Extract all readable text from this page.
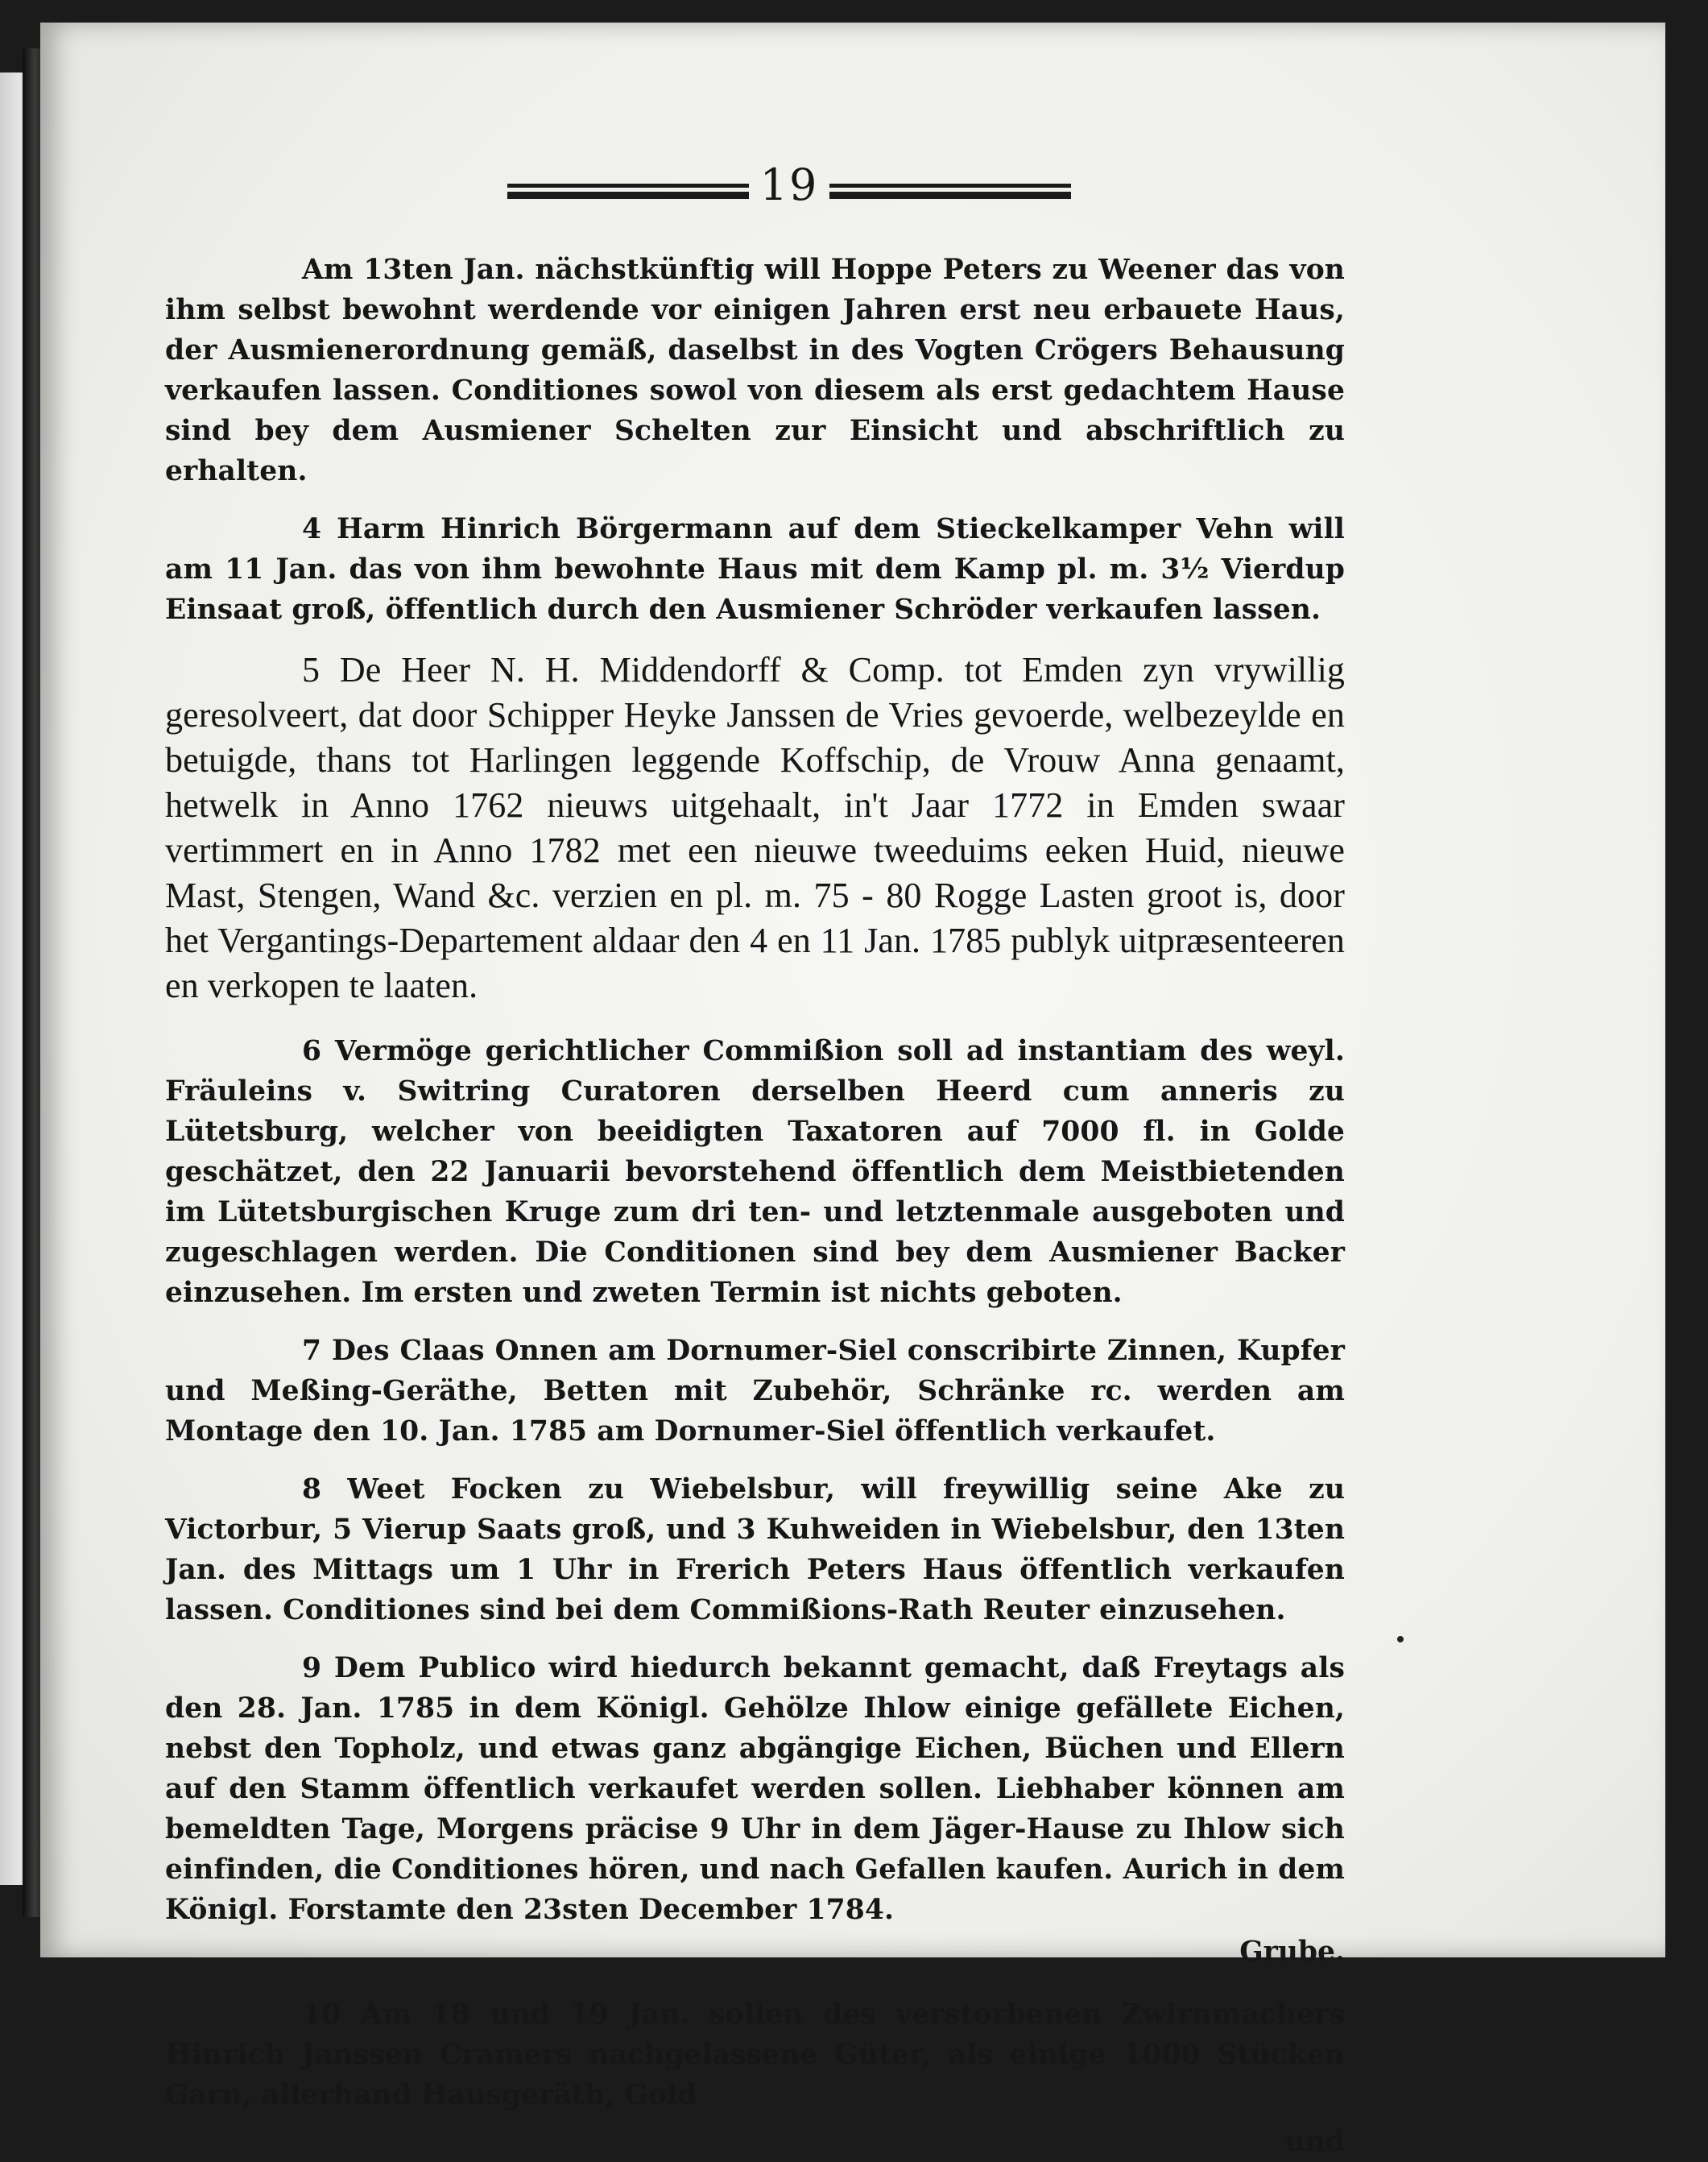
19

Am 13ten Jan. nächstkünftig will Hoppe Peters zu Weener das von ihm selbst bewohnt werdende vor einigen Jahren erst neu erbauete Haus, der Ausmienerordnung gemäß, daselbst in des Vogten Crögers Behausung verkaufen lassen. Conditiones sowol von diesem als erst gedachtem Hause sind bey dem Ausmiener Schelten zur Einsicht und abschriftlich zu erhalten.

4 Harm Hinrich Börgermann auf dem Stieckelkamper Vehn will am 11 Jan. das von ihm bewohnte Haus mit dem Kamp pl. m. 3½ Vierdup Einsaat groß, öffentlich durch den Ausmiener Schröder verkaufen lassen.

5 De Heer N. H. Middendorff & Comp. tot Emden zyn vrywillig geresolveert, dat door Schipper Heyke Janssen de Vries gevoerde, welbezeylde en betuigde, thans tot Harlingen leggende Koffschip, de Vrouw Anna genaamt, hetwelk in Anno 1762 nieuws uitgehaalt, in't Jaar 1772 in Emden swaar vertimmert en in Anno 1782 met een nieuwe tweeduims eeken Huid, nieuwe Mast, Stengen, Wand &c. verzien en pl. m. 75 - 80 Rogge Lasten groot is, door het Vergantings-Departement aldaar den 4 en 11 Jan. 1785 publyk uitpræsenteeren en verkopen te laaten.

6 Vermöge gerichtlicher Commißion soll ad instantiam des weyl. Fräuleins v. Switring Curatoren derselben Heerd cum anneris zu Lütetsburg, welcher von beeidigten Taxatoren auf 7000 fl. in Golde geschätzet, den 22 Januarii bevorstehend öffentlich dem Meistbietenden im Lütetsburgischen Kruge zum dri ten- und letztenmale ausgeboten und zugeschlagen werden. Die Conditionen sind bey dem Ausmiener Backer einzusehen. Im ersten und zweten Termin ist nichts geboten.

7 Des Claas Onnen am Dornumer-Siel conscribirte Zinnen, Kupfer und Meßing-Geräthe, Betten mit Zubehör, Schränke rc. werden am Montage den 10. Jan. 1785 am Dornumer-Siel öffentlich verkaufet.

8 Weet Focken zu Wiebelsbur, will freywillig seine Ake zu Victorbur, 5 Vierup Saats groß, und 3 Kuhweiden in Wiebelsbur, den 13ten Jan. des Mittags um 1 Uhr in Frerich Peters Haus öffentlich verkaufen lassen. Conditiones sind bei dem Commißions-Rath Reuter einzusehen.

9 Dem Publico wird hiedurch bekannt gemacht, daß Freytags als den 28. Jan. 1785 in dem Königl. Gehölze Ihlow einige gefällete Eichen, nebst den Topholz, und etwas ganz abgängige Eichen, Büchen und Ellern auf den Stamm öffentlich verkaufet werden sollen. Liebhaber können am bemeldten Tage, Morgens präcise 9 Uhr in dem Jäger-Hause zu Ihlow sich einfinden, die Conditiones hören, und nach Gefallen kaufen. Aurich in dem Königl. Forstamte den 23sten December 1784.

Grube.

10 Am 18 und 19 Jan. sollen des verstorbenen Zwirnmachers Hinrich Janssen Cramers nachgelassene Güter, als einige 1000 Stücken Garn, allerhand Hausgeräth, Gold

und
